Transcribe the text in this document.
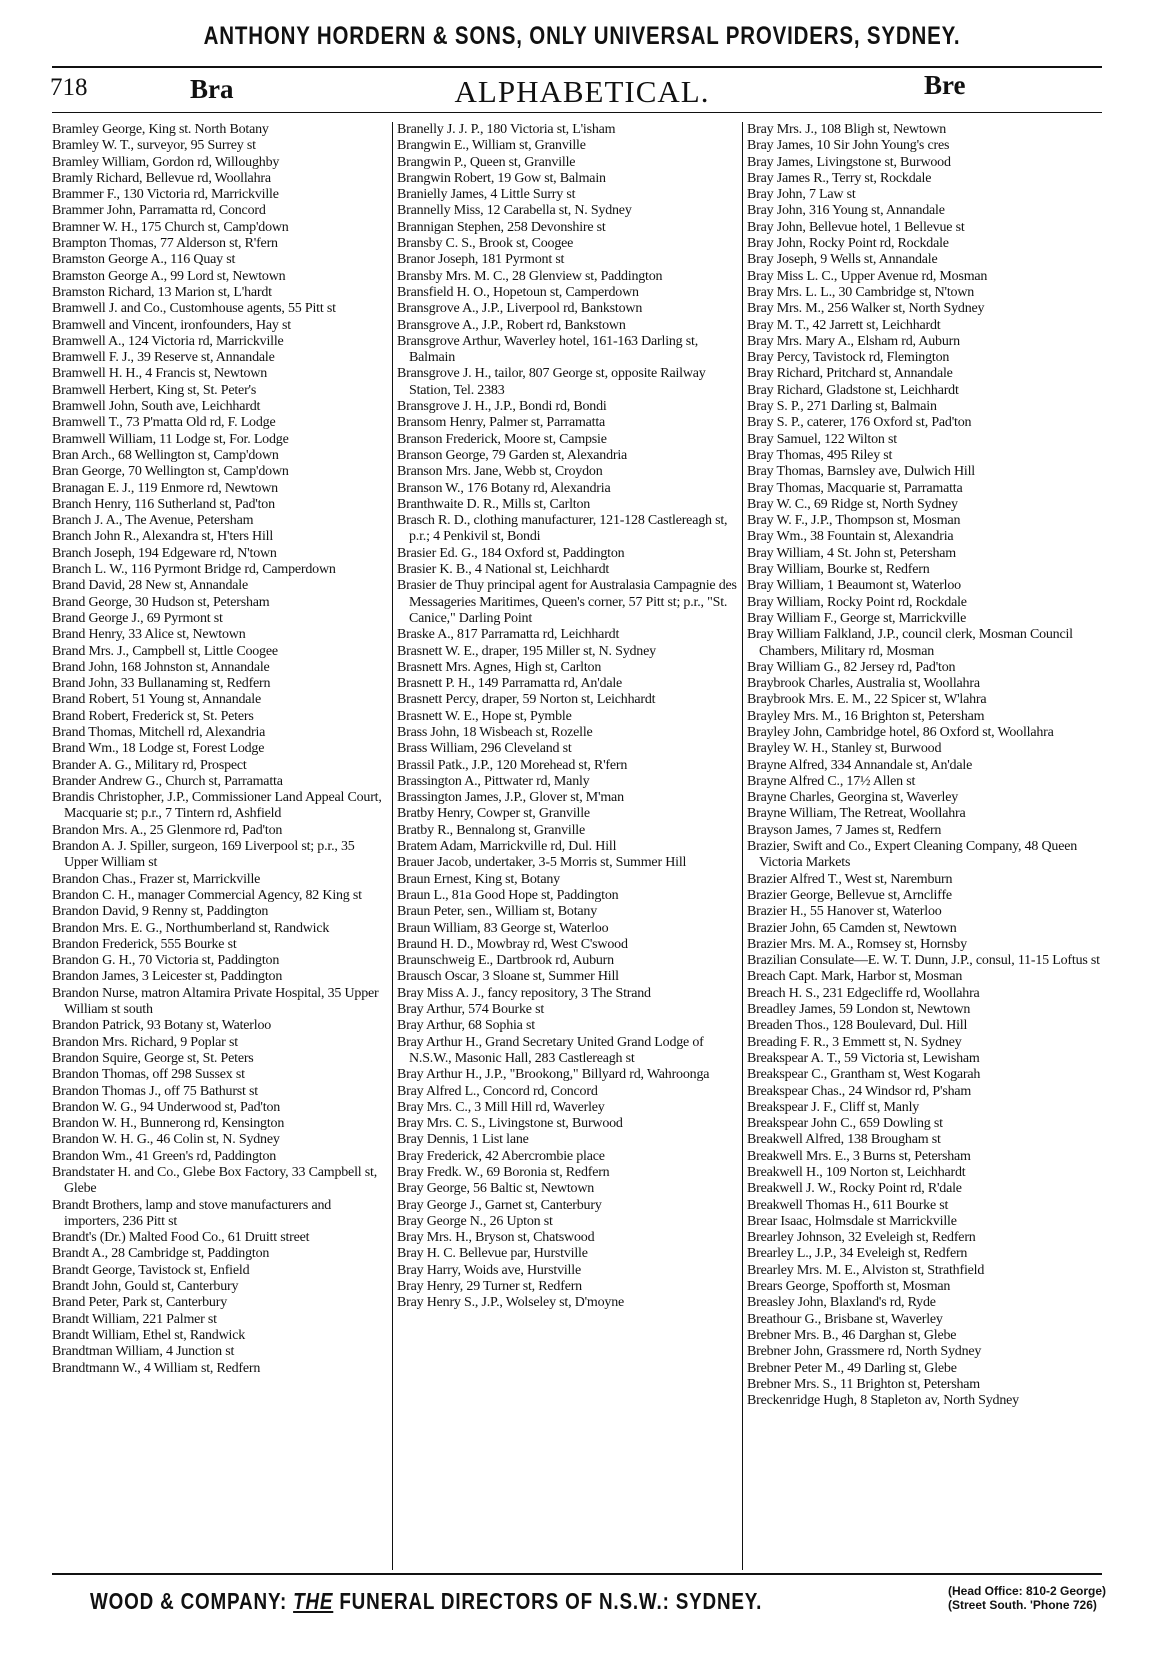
ANTHONY HORDERN & SONS, ONLY UNIVERSAL PROVIDERS, SYDNEY.
718	Bra	ALPHABETICAL.	Bre
Bramley George, King st. North Botany
Bramley W. T., surveyor, 95 Surrey st
Bramley William, Gordon rd, Willoughby
Bramly Richard, Bellevue rd, Woollahra
Brammer F., 130 Victoria rd, Marrickville
Brammer John, Parramatta rd, Concord
Bramner W. H., 175 Church st, Camp'down
Brampton Thomas, 77 Alderson st, R'fern
Bramston George A., 116 Quay st
Bramston George A., 99 Lord st, Newtown
Bramston Richard, 13 Marion st, L'hardt
Bramwell J. and Co., Customhouse agents, 55 Pitt st
Bramwell and Vincent, ironfounders, Hay st
Bramwell A., 124 Victoria rd, Marrickville
Bramwell F. J., 39 Reserve st, Annandale
Bramwell H. H., 4 Francis st, Newtown
Bramwell Herbert, King st, St. Peter's
Bramwell John, South ave, Leichhardt
Bramwell T., 73 P'matta Old rd, F. Lodge
Bramwell William, 11 Lodge st, For. Lodge
Bran Arch., 68 Wellington st, Camp'down
Bran George, 70 Wellington st, Camp'down
Branagan E. J., 119 Enmore rd, Newtown
Branch Henry, 116 Sutherland st, Pad'ton
Branch J. A., The Avenue, Petersham
Branch John R., Alexandra st, H'ters Hill
Branch Joseph, 194 Edgeware rd, N'town
Branch L. W., 116 Pyrmont Bridge rd, Camperdown
Brand David, 28 New st, Annandale
Brand George, 30 Hudson st, Petersham
Brand George J., 69 Pyrmont st
Brand Henry, 33 Alice st, Newtown
Brand Mrs. J., Campbell st, Little Coogee
Brand John, 168 Johnston st, Annandale
Brand John, 33 Bullanaming st, Redfern
Brand Robert, 51 Young st, Annandale
Brand Robert, Frederick st, St. Peters
Brand Thomas, Mitchell rd, Alexandria
Brand Wm., 18 Lodge st, Forest Lodge
Brander A. G., Military rd, Prospect
Brander Andrew G., Church st, Parramatta
Brandis Christopher, J.P., Commissioner Land Appeal Court, Macquarie st; p.r., 7 Tintern rd, Ashfield
Brandon Mrs. A., 25 Glenmore rd, Pad'ton
Brandon A. J. Spiller, surgeon, 169 Liverpool st; p.r., 35 Upper William st
Brandon Chas., Frazer st, Marrickville
Brandon C. H., manager Commercial Agency, 82 King st
Brandon David, 9 Renny st, Paddington
Brandon Mrs. E. G., Northumberland st, Randwick
Brandon Frederick, 555 Bourke st
Brandon G. H., 70 Victoria st, Paddington
Brandon James, 3 Leicester st, Paddington
Brandon Nurse, matron Altamira Private Hospital, 35 Upper William st south
Brandon Patrick, 93 Botany st, Waterloo
Brandon Mrs. Richard, 9 Poplar st
Brandon Squire, George st, St. Peters
Brandon Thomas, off 298 Sussex st
Brandon Thomas J., off 75 Bathurst st
Brandon W. G., 94 Underwood st, Pad'ton
Brandon W. H., Bunnerong rd, Kensington
Brandon W. H. G., 46 Colin st, N. Sydney
Brandon Wm., 41 Green's rd, Paddington
Brandstater H. and Co., Glebe Box Factory, 33 Campbell st, Glebe
Brandt Brothers, lamp and stove manufacturers and importers, 236 Pitt st
Brandt's (Dr.) Malted Food Co., 61 Druitt street
Brandt A., 28 Cambridge st, Paddington
Brandt George, Tavistock st, Enfield
Brandt John, Gould st, Canterbury
Brand Peter, Park st, Canterbury
Brandt William, 221 Palmer st
Brandt William, Ethel st, Randwick
Brandtman William, 4 Junction st
Brandtmann W., 4 William st, Redfern
Branelly J. J. P., 180 Victoria st, L'isham
Brangwin E., William st, Granville
Brangwin P., Queen st, Granville
Brangwin Robert, 19 Gow st, Balmain
Branielly James, 4 Little Surry st
Brannelly Miss, 12 Carabella st, N. Sydney
Brannigan Stephen, 258 Devonshire st
Bransby C. S., Brook st, Coogee
Branor Joseph, 181 Pyrmont st
Bransby Mrs. M. C., 28 Glenview st, Paddington
Bransfield H. O., Hopetoun st, Camperdown
Bransgrove A., J.P., Liverpool rd, Bankstown
Bransgrove A., J.P., Robert rd, Bankstown
Bransgrove Arthur, Waverley hotel, 161-163 Darling st, Balmain
Bransgrove J. H., tailor, 807 George st, opposite Railway Station, Tel. 2383
Bransgrove J. H., J.P., Bondi rd, Bondi
Bransom Henry, Palmer st, Parramatta
Branson Frederick, Moore st, Campsie
Branson George, 79 Garden st, Alexandria
Branson Mrs. Jane, Webb st, Croydon
Branson W., 176 Botany rd, Alexandria
Branthwaite D. R., Mills st, Carlton
Brasch R. D., clothing manufacturer, 121-128 Castlereagh st, p.r.; 4 Penkivil st, Bondi
Brasier Ed. G., 184 Oxford st, Paddington
Brasier K. B., 4 National st, Leichhardt
Brasier de Thuy principal agent for Australasia Campagnie des Messageries Maritimes, Queen's corner, 57 Pitt st; p.r., "St. Canice," Darling Point
Braske A., 817 Parramatta rd, Leichhardt
Brasnett W. E., draper, 195 Miller st, N. Sydney
Brasnett Mrs. Agnes, High st, Carlton
Brasnett P. H., 149 Parramatta rd, An'dale
Brasnett Percy, draper, 59 Norton st, Leichhardt
Brasnett W. E., Hope st, Pymble
Brass John, 18 Wisbeach st, Rozelle
Brass William, 296 Cleveland st
Brassil Patk., J.P., 120 Morehead st, R'fern
Brassington A., Pittwater rd, Manly
Brassington James, J.P., Glover st, M'man
Bratby Henry, Cowper st, Granville
Bratby R., Bennalong st, Granville
Bratem Adam, Marrickville rd, Dul. Hill
Brauer Jacob, undertaker, 3-5 Morris st, Summer Hill
Braun Ernest, King st, Botany
Braun L., 81a Good Hope st, Paddington
Braun Peter, sen., William st, Botany
Braun William, 83 George st, Waterloo
Braund H. D., Mowbray rd, West C'swood
Braunschweig E., Dartbrook rd, Auburn
Brausch Oscar, 3 Sloane st, Summer Hill
Bray Miss A. J., fancy repository, 3 The Strand
Bray Arthur, 574 Bourke st
Bray Arthur, 68 Sophia st
Bray Arthur H., Grand Secretary United Grand Lodge of N.S.W., Masonic Hall, 283 Castlereagh st
Bray Arthur H., J.P., "Brookong," Billyard rd, Wahroonga
Bray Alfred L., Concord rd, Concord
Bray Mrs. C., 3 Mill Hill rd, Waverley
Bray Mrs. C. S., Livingstone st, Burwood
Bray Dennis, 1 List lane
Bray Frederick, 42 Abercrombie place
Bray Fredk. W., 69 Boronia st, Redfern
Bray George, 56 Baltic st, Newtown
Bray George J., Garnet st, Canterbury
Bray George N., 26 Upton st
Bray Mrs. H., Bryson st, Chatswood
Bray H. C. Bellevue par, Hurstville
Bray Harry, Woids ave, Hurstville
Bray Henry, 29 Turner st, Redfern
Bray Henry S., J.P., Wolseley st, D'moyne
Bray Mrs. J., 108 Bligh st, Newtown
Bray James, 10 Sir John Young's cres
Bray James, Livingstone st, Burwood
Bray James R., Terry st, Rockdale
Bray John, 7 Law st
Bray John, 316 Young st, Annandale
Bray John, Bellevue hotel, 1 Bellevue st
Bray John, Rocky Point rd, Rockdale
Bray Joseph, 9 Wells st, Annandale
Bray Miss L. C., Upper Avenue rd, Mosman
Bray Mrs. L. L., 30 Cambridge st, N'town
Bray Mrs. M., 256 Walker st, North Sydney
Bray M. T., 42 Jarrett st, Leichhardt
Bray Mrs. Mary A., Elsham rd, Auburn
Bray Percy, Tavistock rd, Flemington
Bray Richard, Pritchard st, Annandale
Bray Richard, Gladstone st, Leichhardt
Bray S. P., 271 Darling st, Balmain
Bray S. P., caterer, 176 Oxford st, Pad'ton
Bray Samuel, 122 Wilton st
Bray Thomas, 495 Riley st
Bray Thomas, Barnsley ave, Dulwich Hill
Bray Thomas, Macquarie st, Parramatta
Bray W. C., 69 Ridge st, North Sydney
Bray W. F., J.P., Thompson st, Mosman
Bray Wm., 38 Fountain st, Alexandria
Bray William, 4 St. John st, Petersham
Bray William, Bourke st, Redfern
Bray William, 1 Beaumont st, Waterloo
Bray William, Rocky Point rd, Rockdale
Bray William F., George st, Marrickville
Bray William Falkland, J.P., council clerk, Mosman Council Chambers, Military rd, Mosman
Bray William G., 82 Jersey rd, Pad'ton
Braybrook Charles, Australia st, Woollahra
Braybrook Mrs. E. M., 22 Spicer st, W'lahra
Brayley Mrs. M., 16 Brighton st, Petersham
Brayley John, Cambridge hotel, 86 Oxford st, Woollahra
Brayley W. H., Stanley st, Burwood
Brayne Alfred, 334 Annandale st, An'dale
Brayne Alfred C., 17½ Allen st
Brayne Charles, Georgina st, Waverley
Brayne William, The Retreat, Woollahra
Brayson James, 7 James st, Redfern
Brazier, Swift and Co., Expert Cleaning Company, 48 Queen Victoria Markets
Brazier Alfred T., West st, Naremburn
Brazier George, Bellevue st, Arncliffe
Brazier H., 55 Hanover st, Waterloo
Brazier John, 65 Camden st, Newtown
Brazier Mrs. M. A., Romsey st, Hornsby
Brazilian Consulate—E. W. T. Dunn, J.P., consul, 11-15 Loftus st
Breach Capt. Mark, Harbor st, Mosman
Breach H. S., 231 Edgecliffe rd, Woollahra
Breadley James, 59 London st, Newtown
Breaden Thos., 128 Boulevard, Dul. Hill
Breading F. R., 3 Emmett st, N. Sydney
Breakspear A. T., 59 Victoria st, Lewisham
Breakspear C., Grantham st, West Kogarah
Breakspear Chas., 24 Windsor rd, P'sham
Breakspear J. F., Cliff st, Manly
Breakspear John C., 659 Dowling st
Breakwell Alfred, 138 Brougham st
Breakwell Mrs. E., 3 Burns st, Petersham
Breakwell H., 109 Norton st, Leichhardt
Breakwell J. W., Rocky Point rd, R'dale
Breakwell Thomas H., 611 Bourke st
Brear Isaac, Holmsdale st Marrickville
Brearley Johnson, 32 Eveleigh st, Redfern
Brearley L., J.P., 34 Eveleigh st, Redfern
Brearley Mrs. M. E., Alviston st, Strathfield
Brears George, Spofforth st, Mosman
Breasley John, Blaxland's rd, Ryde
Breathour G., Brisbane st, Waverley
Brebner Mrs. B., 46 Darghan st, Glebe
Brebner John, Grassmere rd, North Sydney
Brebner Peter M., 49 Darling st, Glebe
Brebner Mrs. S., 11 Brighton st, Petersham
Breckenridge Hugh, 8 Stapleton av, North Sydney
WOOD & COMPANY: THE FUNERAL DIRECTORS OF N.S.W.: SYDNEY.	(Head Office: 810-2 George)
(Street South. 'Phone 726)
